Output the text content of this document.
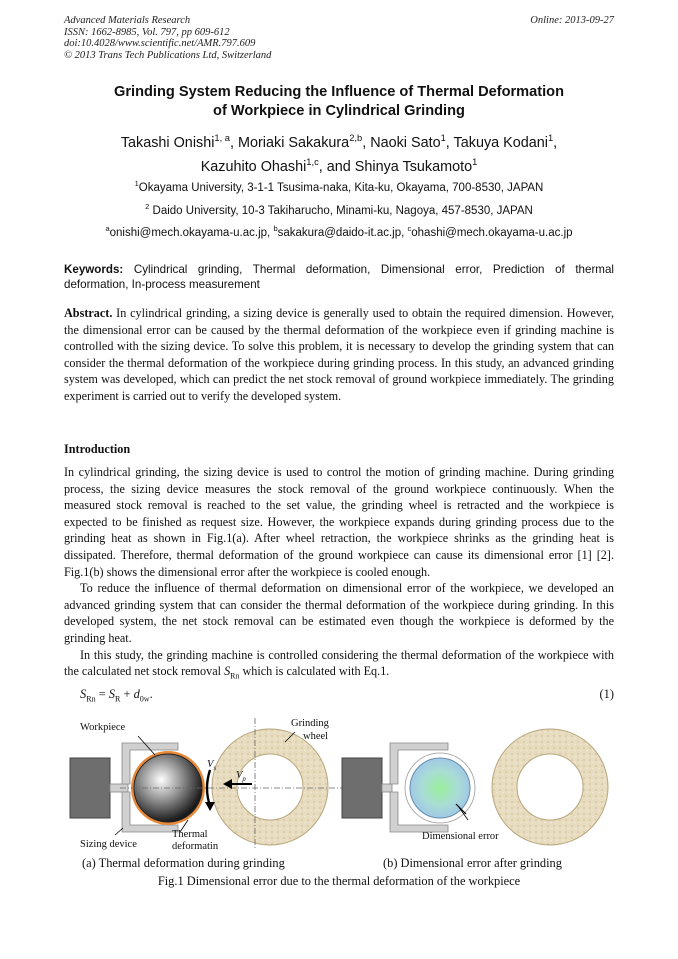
Advanced Materials Research
ISSN: 1662-8985, Vol. 797, pp 609-612
doi:10.4028/www.scientific.net/AMR.797.609
© 2013 Trans Tech Publications Ltd, Switzerland
Online: 2013-09-27
Grinding System Reducing the Influence of Thermal Deformation
of Workpiece in Cylindrical Grinding
Takashi Onishi$^{1, a}$, Moriaki Sakakura$^{2,b}$, Naoki Sato$^1$, Takuya Kodani$^1$,
Kazuhito Ohashi$^{1,c}$, and Shinya Tsukamoto$^1$
$^1$Okayama University, 3-1-1 Tsusima-naka, Kita-ku, Okayama, 700-8530, JAPAN
$^2$ Daido University, 10-3 Takiharucho, Minami-ku, Nagoya, 457-8530, JAPAN
$^a$onishi@mech.okayama-u.ac.jp, $^b$sakakura@daido-it.ac.jp, $^c$ohashi@mech.okayama-u.ac.jp
Keywords: Cylindrical grinding, Thermal deformation, Dimensional error, Prediction of thermal deformation, In-process measurement
Abstract. In cylindrical grinding, a sizing device is generally used to obtain the required dimension. However, the dimensional error can be caused by the thermal deformation of the workpiece even if grinding machine is controlled with the sizing device. To solve this problem, it is necessary to develop the grinding system that can consider the thermal deformation of the workpiece during grinding process. In this study, an advanced grinding system was developed, which can predict the net stock removal of ground workpiece immediately. The grinding experiment is carried out to verify the developed system.
Introduction
In cylindrical grinding, the sizing device is used to control the motion of grinding machine. During grinding process, the sizing device measures the stock removal of the ground workpiece continuously. When the measured stock removal is reached to the set value, the grinding wheel is retracted and the workpiece is expected to be finished as request size. However, the workpiece expands during grinding process due to the grinding heat as shown in Fig.1(a). After wheel retraction, the workpiece shrinks as the grinding heat is dissipated. Therefore, thermal deformation of the ground workpiece can cause its dimensional error [1] [2]. Fig.1(b) shows the dimensional error after the workpiece is cooled enough.
To reduce the influence of thermal deformation on dimensional error of the workpiece, we developed an advanced grinding system that can consider the thermal deformation of the workpiece during grinding. In this developed system, the net stock removal can be estimated even though the workpiece is deformed by the grinding heat.
In this study, the grinding machine is controlled considering the thermal deformation of the workpiece with the calculated net stock removal $S_{Rn}$ which is calculated with Eq.1.
$S_{Rn} = S_R + d_{0w}$.	(1)
Workpiece	Grinding
wheel
$V_s$
$V_p$
Sizing device
Thermal
deformatin
Dimensional error
(a) Thermal deformation during grinding	(b) Dimensional error after grinding
Fig.1 Dimensional error due to the thermal deformation of the workpiece
